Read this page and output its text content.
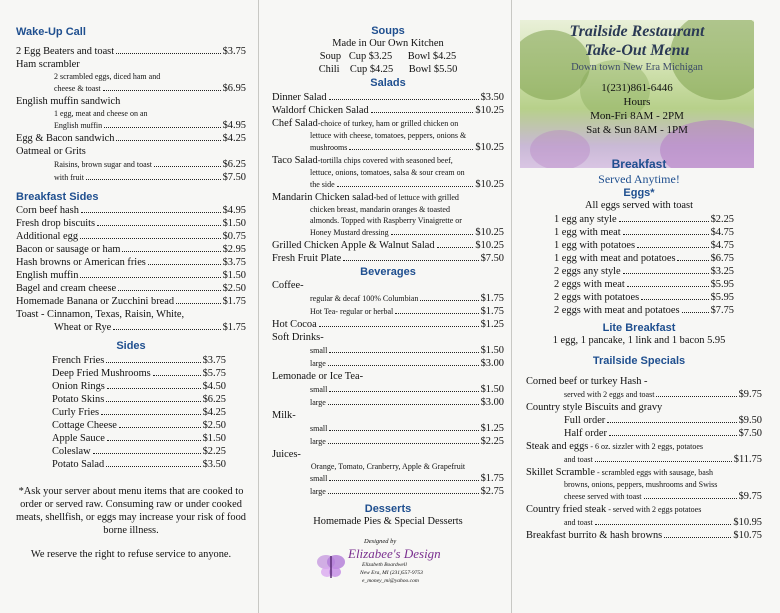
Wake-Up Call
2 Egg Beaters and toast	$3.75
Ham scrambler
2 scrambled eggs, diced ham and
cheese & toast	$6.95
English muffin sandwich
1 egg, meat and cheese on an
English muffin	$4.95
Egg & Bacon sandwich	$4.25
Oatmeal or Grits
Raisins, brown sugar and toast	$6.25
with fruit	$7.50
Breakfast Sides
Corn beef hash	$4.95
Fresh drop biscuits	$1.50
Additional egg	$0.75
Bacon or sausage or ham	$2.95
Hash browns or American fries	$3.75
English muffin	$1.50
Bagel and cream cheese	$2.50
Homemade Banana or Zucchini bread	$1.75
Toast - Cinnamon, Texas, Raisin, White,
Wheat or Rye	$1.75
Sides
French Fries	$3.75
Deep Fried Mushrooms	$5.75
Onion Rings	$4.50
Potato Skins	$6.25
Curly Fries	$4.25
Cottage Cheese	$2.50
Apple Sauce	$1.50
Coleslaw	$2.25
Potato Salad	$3.50
*Ask your server about menu items that are cooked to order or served raw. Consuming raw or under cooked meats, shellfish, or eggs may increase your risk of food borne illness.
We reserve the right to refuse service to anyone.
Soups
Made in Our Own Kitchen
Soup   Cup $3.25      Bowl $4.25
Chili    Cup $4.25      Bowl $5.50
Salads
Dinner Salad	$3.50
Waldorf Chicken Salad	$10.25
Chef Salad-choice of turkey, ham or grilled chicken on
lettuce with cheese, tomatoes, peppers, onions &
mushrooms	$10.25
Taco Salad-tortilla chips covered with seasoned beef,
lettuce, onions, tomatoes, salsa & sour cream on
the side	$10.25
Mandarin Chicken salad-bed of lettuce with grilled
chicken breast, mandarin oranges & toasted
almonds. Topped with Raspberry Vinaigrette or
Honey Mustard dressing	$10.25
Grilled Chicken Apple & Walnut Salad	$10.25
Fresh Fruit Plate	$7.50
Beverages
Coffee-
regular & decaf 100% Columbian	$1.75
Hot Tea- regular or herbal	$1.75
Hot Cocoa	$1.25
Soft Drinks-
small	$1.50
large	$3.00
Lemonade or Ice Tea-
small	$1.50
large	$3.00
Milk-
small	$1.25
large	$2.25
Juices-
Orange, Tomato, Cranberry, Apple & Grapefruit
small	$1.75
large	$2.75
Desserts
Homemade Pies & Special Desserts
Designed by
Elizabee's Design
Elizabeth Boardwell
New Era, MI (231)557-9753
e_money_mi@yahoo.com
Trailside Restaurant
Take-Out Menu
Down town New Era Michigan
1(231)861-6446
Hours
Mon-Fri 8AM - 2PM
Sat & Sun 8AM - 1PM
Breakfast
Served Anytime!
Eggs*
All eggs served with toast
1 egg any style	$2.25
1 egg with meat	$4.75
1 egg with potatoes	$4.75
1 egg with meat and potatoes	$6.75
2 eggs any style	$3.25
2 eggs with meat	$5.95
2 eggs with potatoes	$5.95
2 eggs with meat and potatoes	$7.75
Lite Breakfast
1 egg, 1 pancake, 1 link and 1 bacon 5.95
Trailside Specials
Corned beef or turkey Hash -
served with 2 eggs and toast	$9.75
Country style Biscuits and gravy
Full order	$9.50
Half order	$7.50
Steak and eggs - 6 oz. sizzler with 2 eggs, potatoes
and toast	$11.75
Skillet Scramble - scrambled eggs with sausage, bash
browns, onions, peppers, mushrooms and Swiss
cheese served with toast	$9.75
Country fried steak - served with 2 eggs potatoes
and toast	$10.95
Breakfast burrito & hash browns	$10.75
